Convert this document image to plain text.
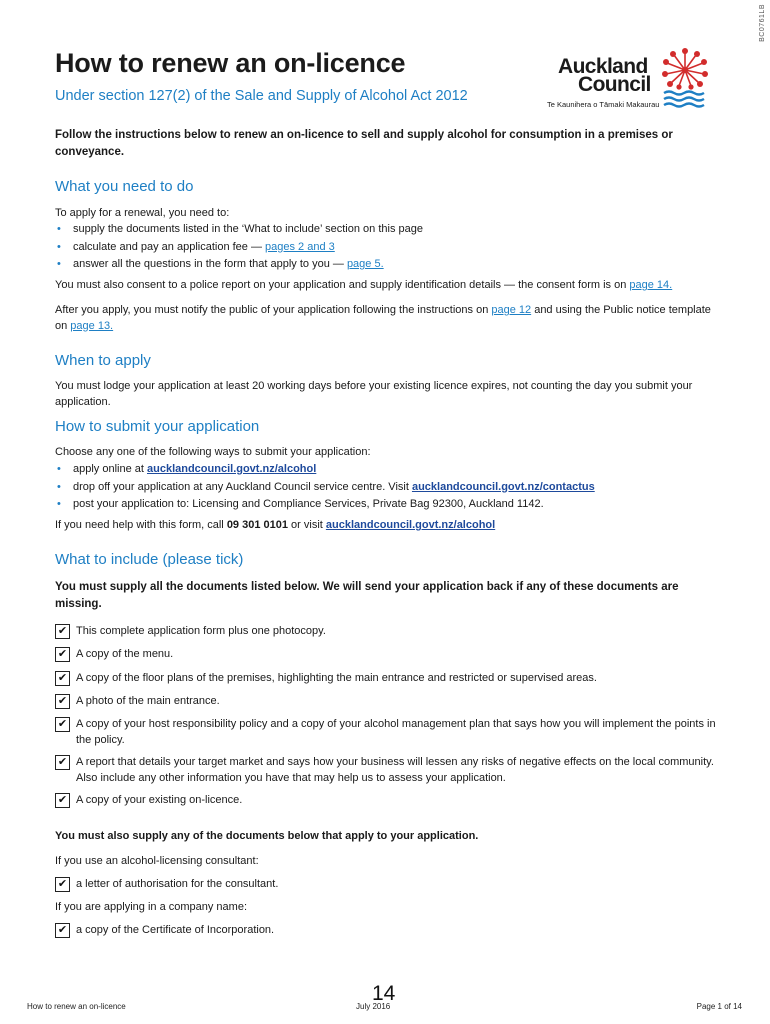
BC0761LB
How to renew an on-licence

Under section 127(2) of the Sale and Supply of Alcohol Act 2012

Auckland
Council
Te Kaunihera o Tāmaki Makaurau
Follow the instructions below to renew an on-licence to sell and supply alcohol for consumption in a premises or conveyance.
What you need to do
To apply for a renewal, you need to:
• supply the documents listed in the ‘What to include’ section on this page
• calculate and pay an application fee — pages 2 and 3
• answer all the questions in the form that apply to you — page 5.
You must also consent to a police report on your application and supply identification details — the consent form is on page 14.
After you apply, you must notify the public of your application following the instructions on page 12 and using the Public notice template on page 13.
When to apply
You must lodge your application at least 20 working days before your existing licence expires, not counting the day you submit your application.
How to submit your application
Choose any one of the following ways to submit your application:
• apply online at aucklandcouncil.govt.nz/alcohol
• drop off your application at any Auckland Council service centre. Visit aucklandcouncil.govt.nz/contactus
• post your application to: Licensing and Compliance Services, Private Bag 92300, Auckland 1142.
If you need help with this form, call 09 301 0101 or visit aucklandcouncil.govt.nz/alcohol
What to include (please tick)
You must supply all the documents listed below. We will send your application back if any of these documents are missing.
✔ This complete application form plus one photocopy.
✔ A copy of the menu.
✔ A copy of the floor plans of the premises, highlighting the main entrance and restricted or supervised areas.
✔ A photo of the main entrance.
✔ A copy of your host responsibility policy and a copy of your alcohol management plan that says how you will implement the points in the policy.
✔ A report that details your target market and says how your business will lessen any risks of negative effects on the local community. Also include any other information you have that may help us to assess your application.
✔ A copy of your existing on-licence.
You must also supply any of the documents below that apply to your application.
If you use an alcohol-licensing consultant:
✔ a letter of authorisation for the consultant.
If you are applying in a company name:
✔ a copy of the Certificate of Incorporation.
14
How to renew an on-licence	July 2016	Page 1 of 14
